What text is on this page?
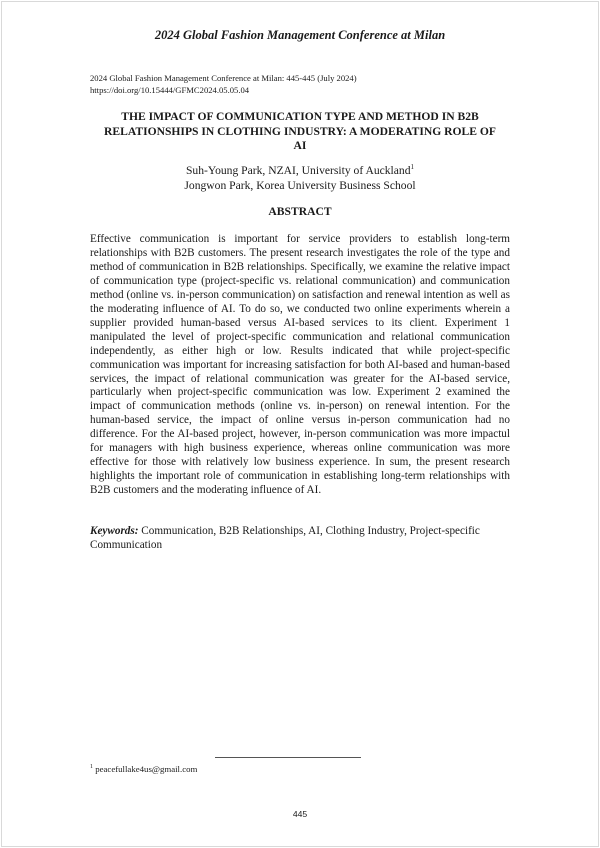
2024 Global Fashion Management Conference at Milan
2024 Global Fashion Management Conference at Milan: 445-445 (July 2024)
https://doi.org/10.15444/GFMC2024.05.05.04
THE IMPACT OF COMMUNICATION TYPE AND METHOD IN B2B
RELATIONSHIPS IN CLOTHING INDUSTRY: A MODERATING ROLE OF
AI
Suh-Young Park, NZAI, University of Auckland$^1$
Jongwon Park, Korea University Business School
ABSTRACT
Effective communication is important for service providers to establish long-term relationships with B2B customers. The present research investigates the role of the type and method of communication in B2B relationships. Specifically, we examine the relative impact of communication type (project-specific vs. relational communication) and communication method (online vs. in-person communication) on satisfaction and renewal intention as well as the moderating influence of AI. To do so, we conducted two online experiments wherein a supplier provided human-based versus AI-based services to its client. Experiment 1 manipulated the level of project-specific communication and relational communication independently, as either high or low. Results indicated that while project-specific communication was important for increasing satisfaction for both AI-based and human-based services, the impact of relational communication was greater for the AI-based service, particularly when project-specific communication was low. Experiment 2 examined the impact of communication methods (online vs. in-person) on renewal intention. For the human-based service, the impact of online versus in-person communication had no difference. For the AI-based project, however, in-person communication was more impactul for managers with high business experience, whereas online communication was more effective for those with relatively low business experience. In sum, the present research highlights the important role of communication in establishing long-term relationships with B2B customers and the moderating influence of AI.
Keywords: Communication, B2B Relationships, AI, Clothing Industry, Project-specific Communication
$^1$ peacefullake4us@gmail.com
445
